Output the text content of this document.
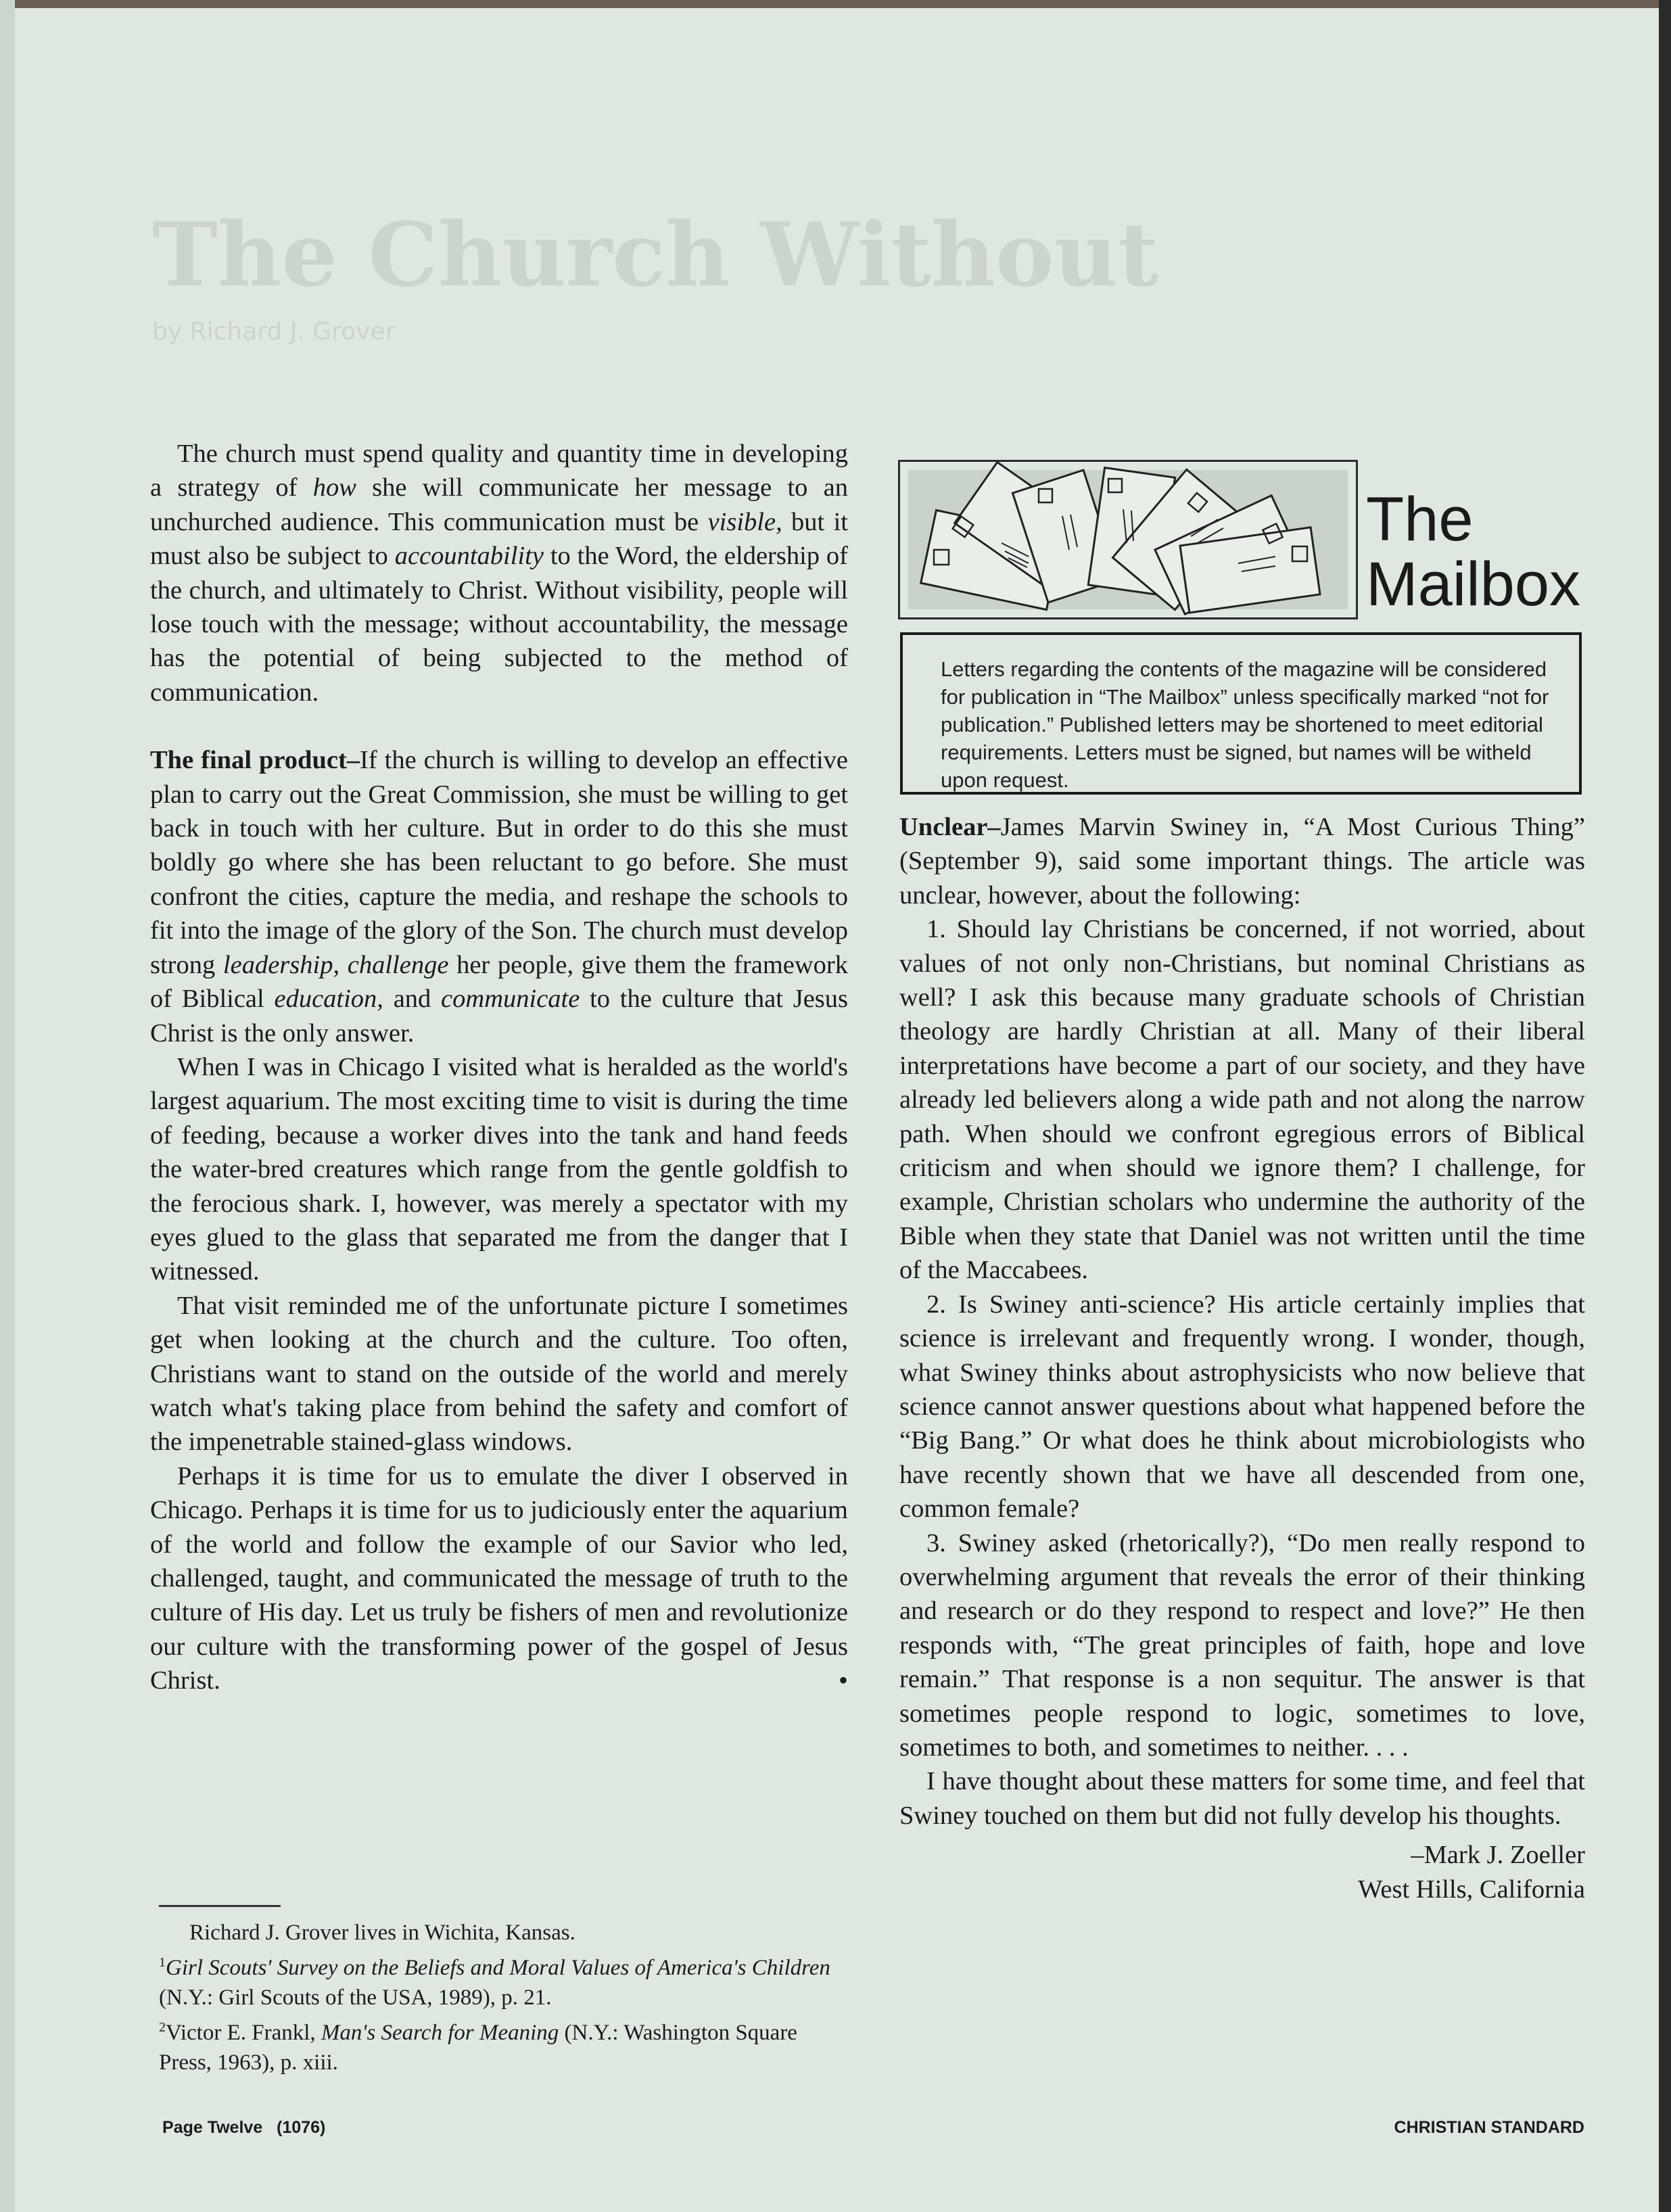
The Church Without
by Richard J. Grover

The church must spend quality and quantity time in developing a strategy of how she will communicate her message to an unchurched audience. This communication must be visible, but it must also be subject to accountability to the Word, the eldership of the church, and ultimately to Christ. Without visibility, people will lose touch with the message; without accountability, the message has the potential of being subjected to the method of communication.

The final product–If the church is willing to develop an effective plan to carry out the Great Commission, she must be willing to get back in touch with her culture. But in order to do this she must boldly go where she has been reluctant to go before. She must confront the cities, capture the media, and reshape the schools to fit into the image of the glory of the Son. The church must develop strong leadership, challenge her people, give them the framework of Biblical education, and communicate to the culture that Jesus Christ is the only answer.

When I was in Chicago I visited what is heralded as the world's largest aquarium. The most exciting time to visit is during the time of feeding, because a worker dives into the tank and hand feeds the water-bred creatures which range from the gentle goldfish to the ferocious shark. I, however, was merely a spectator with my eyes glued to the glass that separated me from the danger that I witnessed.

That visit reminded me of the unfortunate picture I sometimes get when looking at the church and the culture. Too often, Christians want to stand on the outside of the world and merely watch what's taking place from behind the safety and comfort of the impenetrable stained-glass windows.

Perhaps it is time for us to emulate the diver I observed in Chicago. Perhaps it is time for us to judiciously enter the aquarium of the world and follow the example of our Savior who led, challenged, taught, and communicated the message of truth to the culture of His day. Let us truly be fishers of men and revolutionize our culture with the transforming power of the gospel of Jesus Christ.	•

Richard J. Grover lives in Wichita, Kansas.

$^1$Girl Scouts' Survey on the Beliefs and Moral Values of America's Children (N.Y.: Girl Scouts of the USA, 1989), p. 21.

$^2$Victor E. Frankl, Man's Search for Meaning (N.Y.: Washington Square Press, 1963), p. xiii.

The
Mailbox
Letters regarding the contents of the magazine will be considered for publication in “The Mailbox” unless specifically marked “not for publication.” Published letters may be shortened to meet editorial requirements. Letters must be signed, but names will be witheld upon request.

Unclear–James Marvin Swiney in, “A Most Curious Thing” (September 9), said some important things. The article was unclear, however, about the following:

1. Should lay Christians be concerned, if not worried, about values of not only non-Christians, but nominal Christians as well? I ask this because many graduate schools of Christian theology are hardly Christian at all. Many of their liberal interpretations have become a part of our society, and they have already led believers along a wide path and not along the narrow path. When should we confront egregious errors of Biblical criticism and when should we ignore them? I challenge, for example, Christian scholars who undermine the authority of the Bible when they state that Daniel was not written until the time of the Maccabees.

2. Is Swiney anti-science? His article certainly implies that science is irrelevant and frequently wrong. I wonder, though, what Swiney thinks about astrophysicists who now believe that science cannot answer questions about what happened before the “Big Bang.” Or what does he think about microbiologists who have recently shown that we have all descended from one, common female?

3. Swiney asked (rhetorically?), “Do men really respond to overwhelming argument that reveals the error of their thinking and research or do they respond to respect and love?” He then responds with, “The great principles of faith, hope and love remain.” That response is a non sequitur. The answer is that sometimes people respond to logic, sometimes to love, sometimes to both, and sometimes to neither. . . .

I have thought about these matters for some time, and feel that Swiney touched on them but did not fully develop his thoughts.

–Mark J. Zoeller
West Hills, California
Page Twelve   (1076)	CHRISTIAN STANDARD
